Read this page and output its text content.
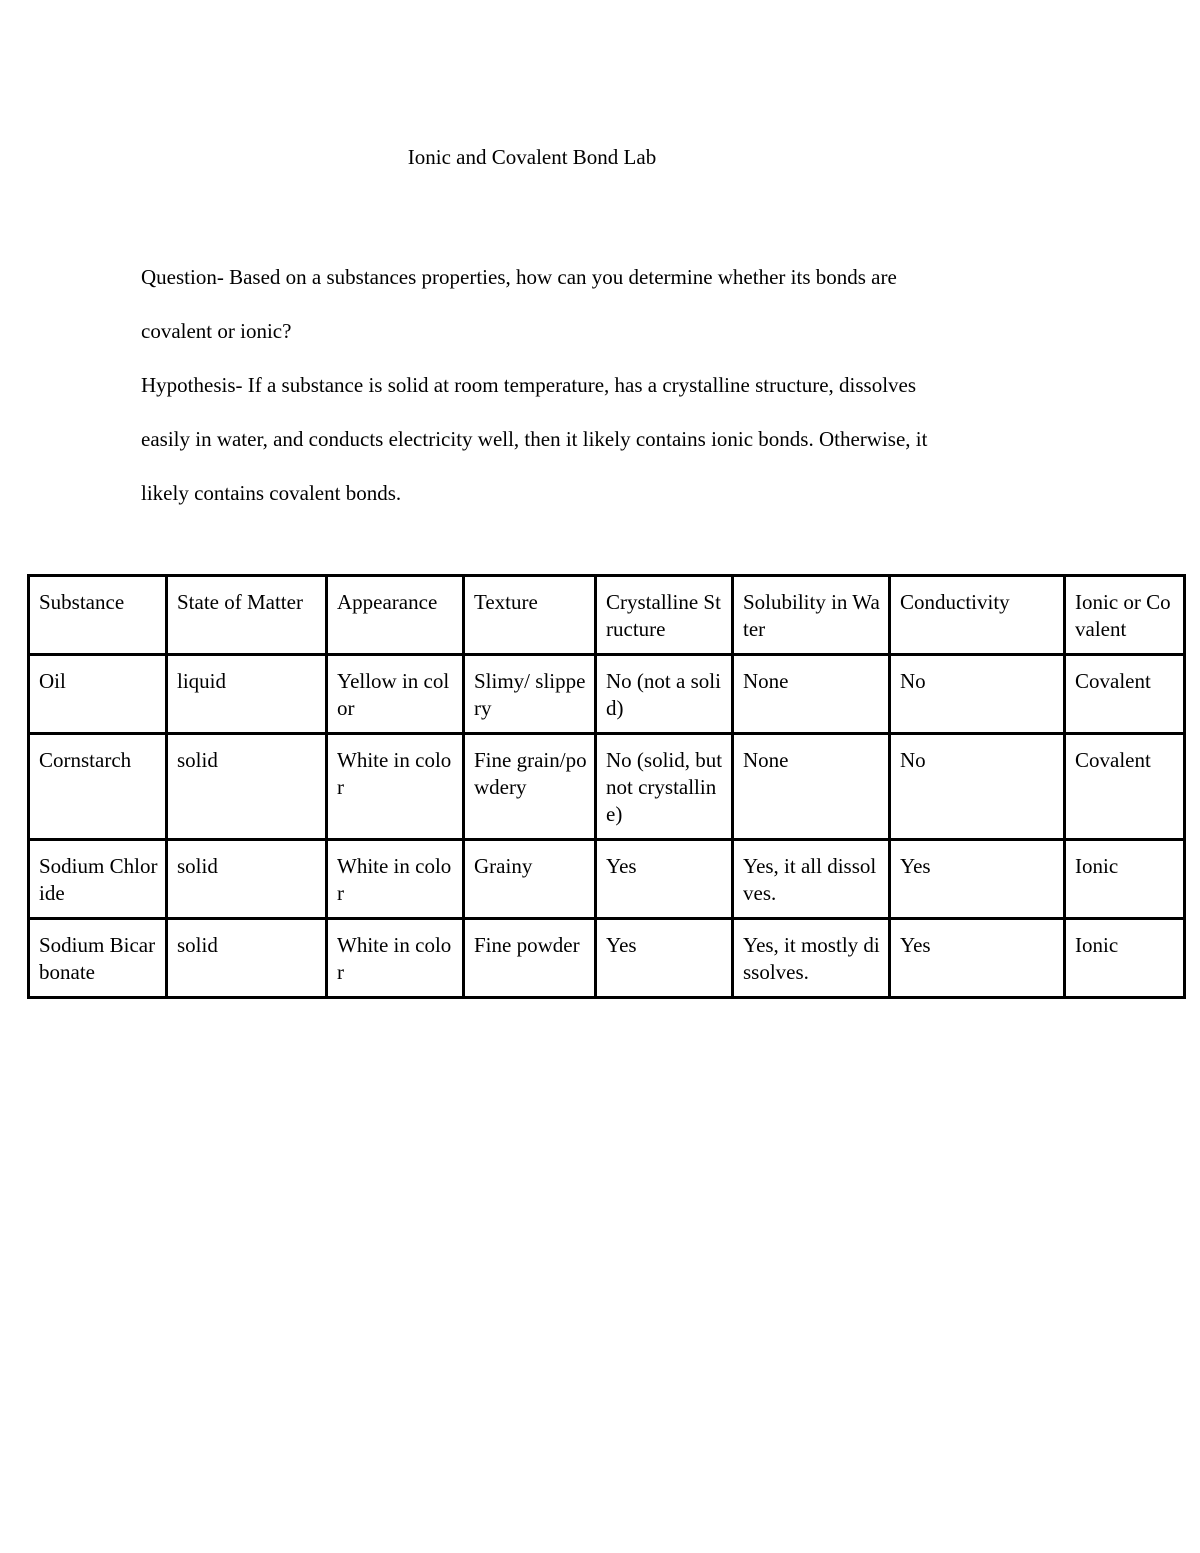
Ionic and Covalent Bond Lab

Question- Based on a substances properties, how can you determine whether its bonds are

covalent or ionic?

Hypothesis- If a substance is solid at room temperature, has a crystalline structure, dissolves

easily in water, and conducts electricity well, then it likely contains ionic bonds. Otherwise, it

likely contains covalent bonds.

Substance	State of Matter	Appearance	Texture	Crystalline Structure	Solubility in Water	Conductivity	Ionic or Covalent
Oil	liquid	Yellow in color	Slimy/ slippery	No (not a solid)	None	No	Covalent
Cornstarch	solid	White in color	Fine grain/powdery	No (solid, but not crystalline)	None	No	Covalent
Sodium Chloride	solid	White in color	Grainy	Yes	Yes, it all dissolves.	Yes	Ionic
Sodium Bicarbonate	solid	White in color	Fine powder	Yes	Yes, it mostly dissolves.	Yes	Ionic
